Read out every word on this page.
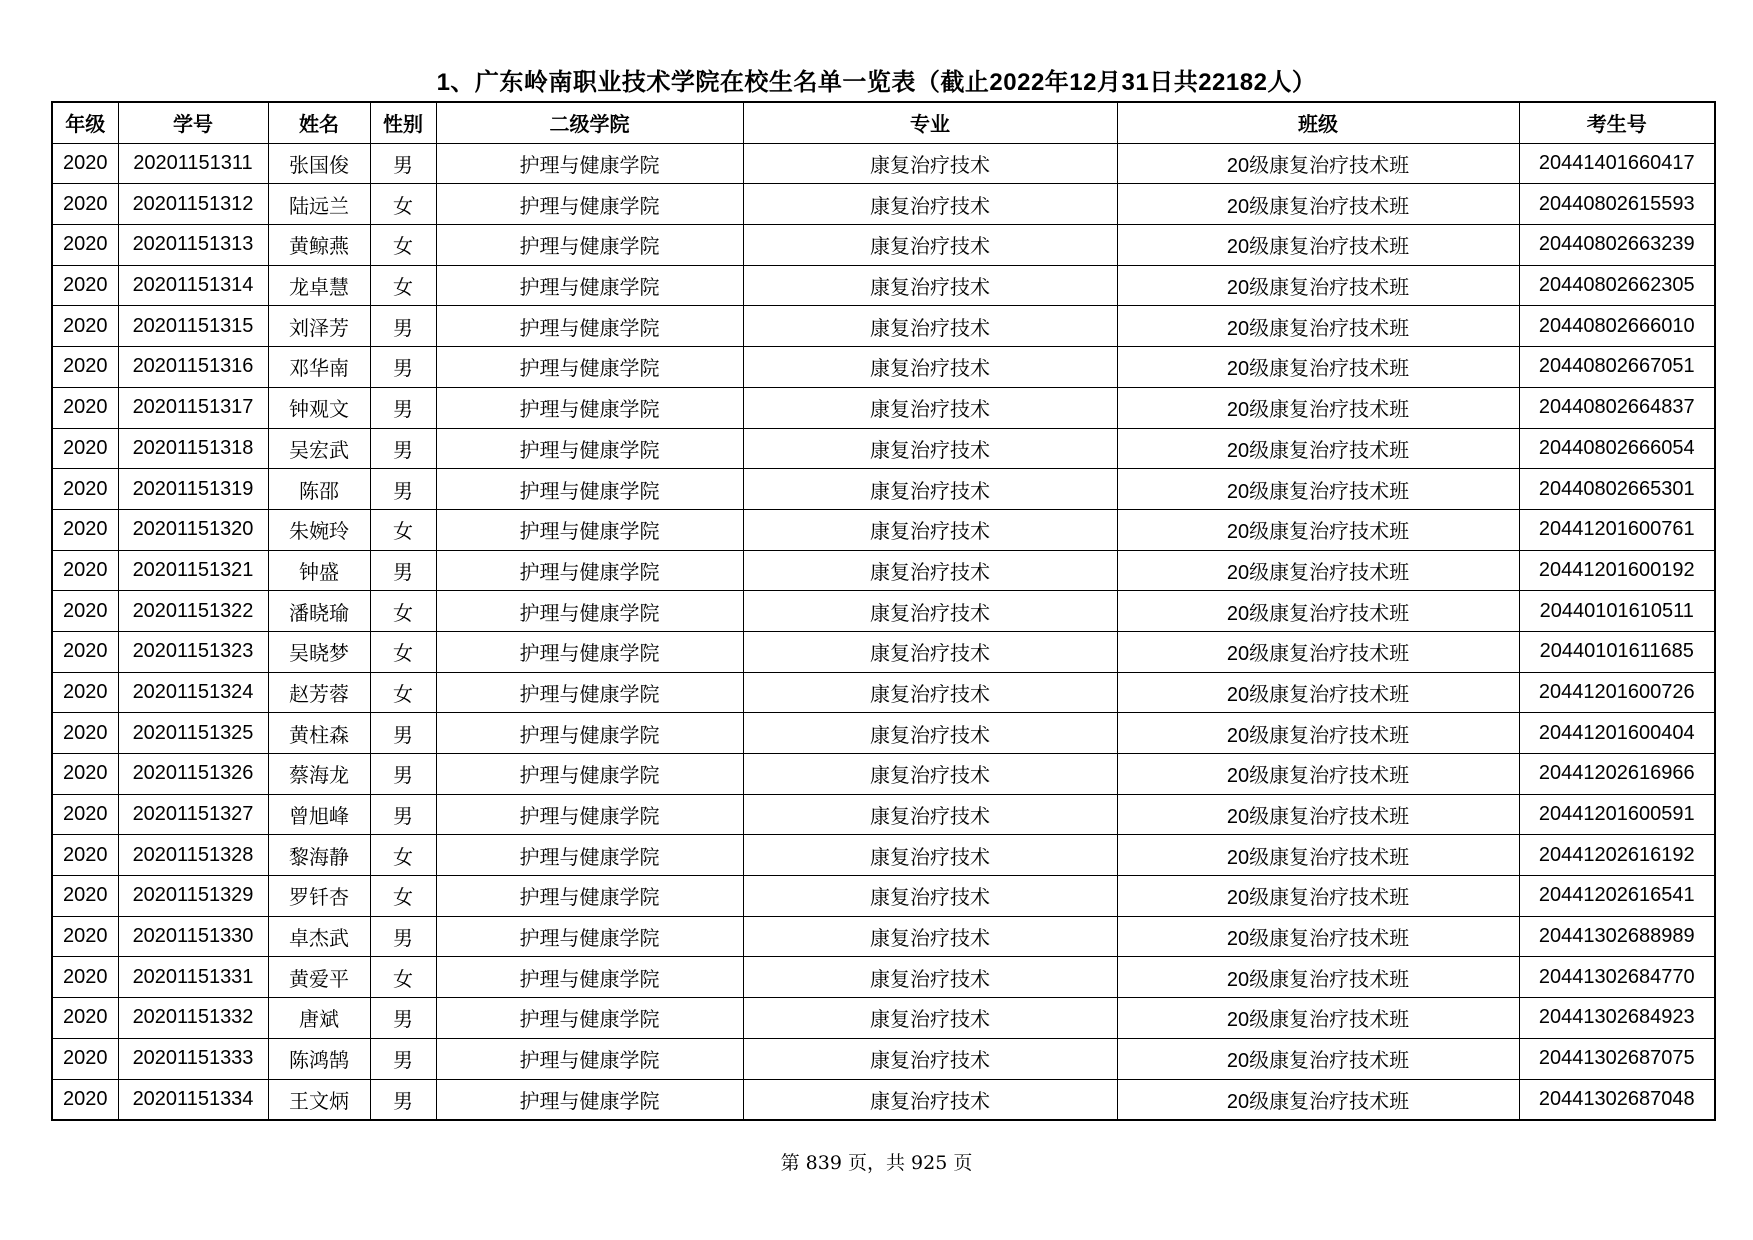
1、广东岭南职业技术学院在校生名单一览表（截止2022年12月31日共22182人）
年级	学号	姓名	性别	二级学院	专业	班级	考生号
2020	20201151311	张国俊	男	护理与健康学院	康复治疗技术	20级康复治疗技术班	20441401660417
2020	20201151312	陆远兰	女	护理与健康学院	康复治疗技术	20级康复治疗技术班	20440802615593
2020	20201151313	黄鲸燕	女	护理与健康学院	康复治疗技术	20级康复治疗技术班	20440802663239
2020	20201151314	龙卓慧	女	护理与健康学院	康复治疗技术	20级康复治疗技术班	20440802662305
2020	20201151315	刘泽芳	男	护理与健康学院	康复治疗技术	20级康复治疗技术班	20440802666010
2020	20201151316	邓华南	男	护理与健康学院	康复治疗技术	20级康复治疗技术班	20440802667051
2020	20201151317	钟观文	男	护理与健康学院	康复治疗技术	20级康复治疗技术班	20440802664837
2020	20201151318	吴宏武	男	护理与健康学院	康复治疗技术	20级康复治疗技术班	20440802666054
2020	20201151319	陈邵	男	护理与健康学院	康复治疗技术	20级康复治疗技术班	20440802665301
2020	20201151320	朱婉玲	女	护理与健康学院	康复治疗技术	20级康复治疗技术班	20441201600761
2020	20201151321	钟盛	男	护理与健康学院	康复治疗技术	20级康复治疗技术班	20441201600192
2020	20201151322	潘晓瑜	女	护理与健康学院	康复治疗技术	20级康复治疗技术班	20440101610511
2020	20201151323	吴晓梦	女	护理与健康学院	康复治疗技术	20级康复治疗技术班	20440101611685
2020	20201151324	赵芳蓉	女	护理与健康学院	康复治疗技术	20级康复治疗技术班	20441201600726
2020	20201151325	黄柱森	男	护理与健康学院	康复治疗技术	20级康复治疗技术班	20441201600404
2020	20201151326	蔡海龙	男	护理与健康学院	康复治疗技术	20级康复治疗技术班	20441202616966
2020	20201151327	曾旭峰	男	护理与健康学院	康复治疗技术	20级康复治疗技术班	20441201600591
2020	20201151328	黎海静	女	护理与健康学院	康复治疗技术	20级康复治疗技术班	20441202616192
2020	20201151329	罗钎杏	女	护理与健康学院	康复治疗技术	20级康复治疗技术班	20441202616541
2020	20201151330	卓杰武	男	护理与健康学院	康复治疗技术	20级康复治疗技术班	20441302688989
2020	20201151331	黄爱平	女	护理与健康学院	康复治疗技术	20级康复治疗技术班	20441302684770
2020	20201151332	唐斌	男	护理与健康学院	康复治疗技术	20级康复治疗技术班	20441302684923
2020	20201151333	陈鸿鹄	男	护理与健康学院	康复治疗技术	20级康复治疗技术班	20441302687075
2020	20201151334	王文炳	男	护理与健康学院	康复治疗技术	20级康复治疗技术班	20441302687048
第 839 页，共 925 页
